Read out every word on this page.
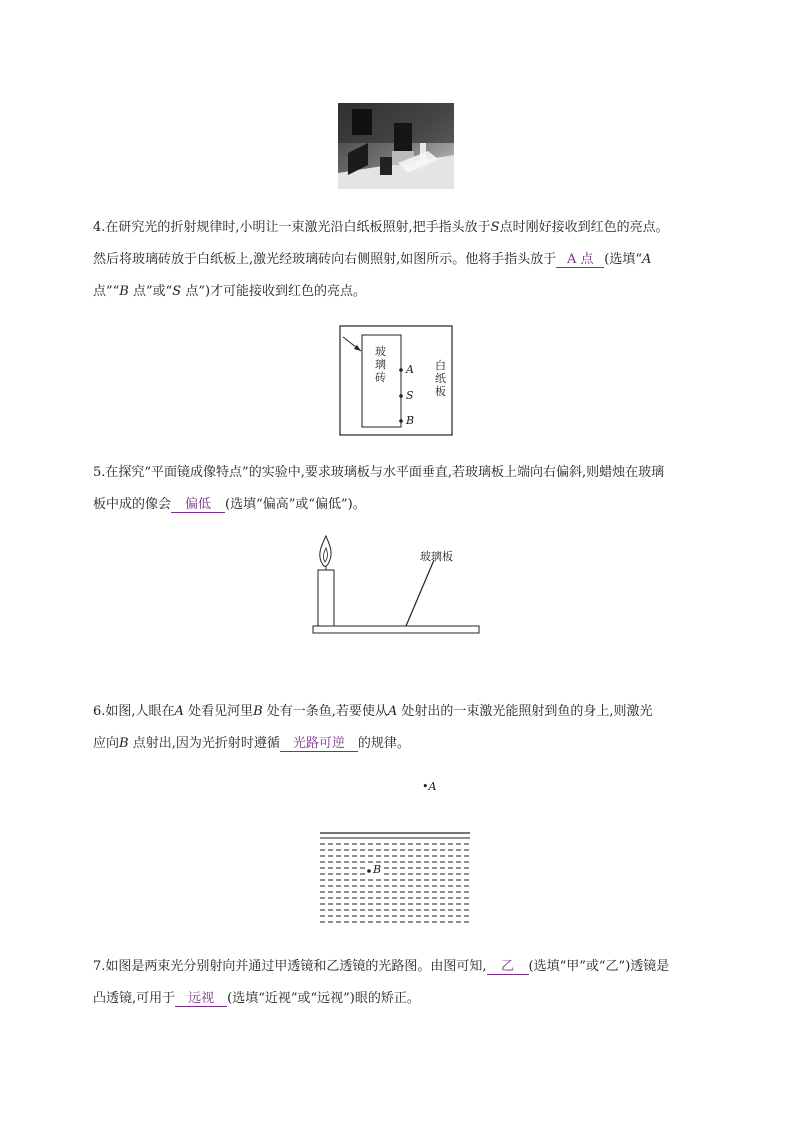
4.在研究光的折射规律时,小明让一束激光沿白纸板照射,把手指头放于S点时刚好接收到红色的亮点。
然后将玻璃砖放于白纸板上,激光经玻璃砖向右侧照射,如图所示。他将手指头放于 A 点 (选填“A
点”“B 点”或“S 点”)才可能接收到红色的亮点。
玻璃砖
白纸板
A
S
B
5.在探究“平面镜成像特点”的实验中,要求玻璃板与水平面垂直,若玻璃板上端向右偏斜,则蜡烛在玻璃
板中成的像会 偏低 (选填“偏高”或“偏低”)。
玻璃板
6.如图,人眼在A 处看见河里B 处有一条鱼,若要使从A 处射出的一束激光能照射到鱼的身上,则激光
应向B 点射出,因为光折射时遵循 光路可逆 的规律。
•A
B
7.如图是两束光分别射向并通过甲透镜和乙透镜的光路图。由图可知, 乙 (选填“甲”或“乙”)透镜是
凸透镜,可用于 远视 (选填“近视”或“远视”)眼的矫正。
